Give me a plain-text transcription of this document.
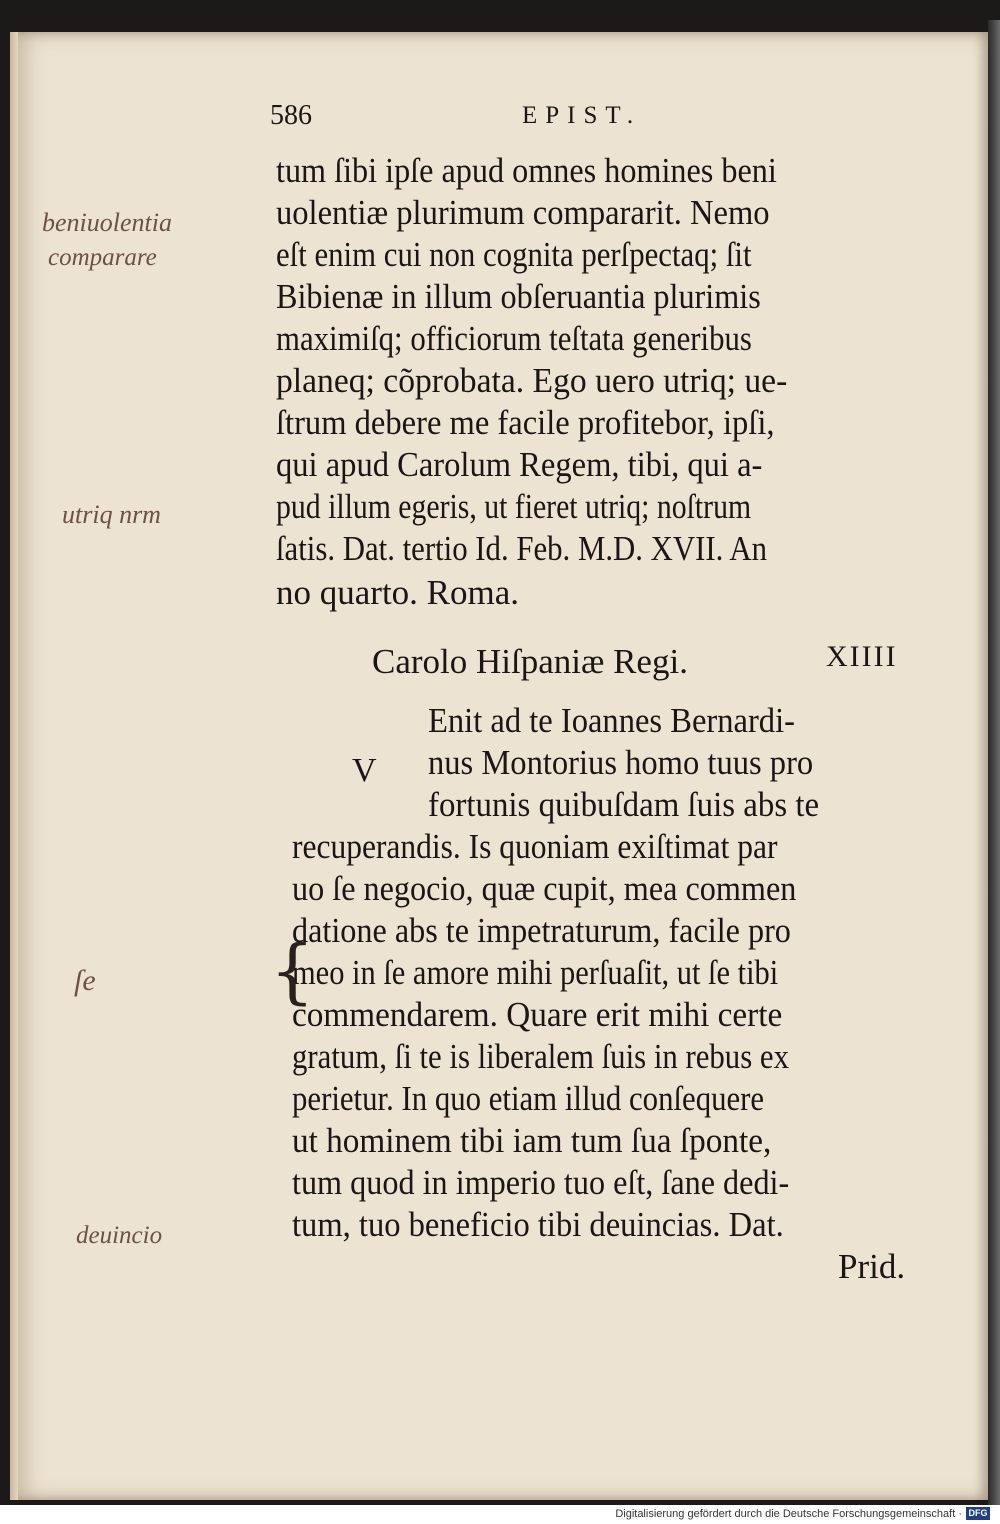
586	EPIST.
tum ſibi ipſe apud omnes homines beni
uolentiæ plurimum compararit. Nemo
eſt enim cui non cognita perſpectaq; ſit
Bibienæ in illum obſeruantia plurimis
maximiſq; officiorum teſtata generibus
planeq; cõprobata. Ego uero utriq; ue-
ſtrum debere me facile profitebor, ipſi,
qui apud Carolum Regem, tibi, qui a-
pud illum egeris, ut fieret utriq; noſtrum
ſatis. Dat. tertio Id. Feb. M.D. XVII. An
no quarto. Roma.
Carolo Hiſpaniæ Regi.	XIIII
V
Enit ad te Ioannes Bernardi-
nus Montorius homo tuus pro
fortunis quibuſdam ſuis abs te
recuperandis. Is quoniam exiſtimat par
uo ſe negocio, quæ cupit, mea commen
datione abs te impetraturum, facile pro
meo in ſe amore mihi perſuaſit, ut ſe tibi
commendarem. Quare erit mihi certe
gratum, ſi te is liberalem ſuis in rebus ex
perietur. In quo etiam illud conſequere
ut hominem tibi iam tum ſua ſponte,
tum quod in imperio tuo eſt, ſane dedi-
tum, tuo beneficio tibi deuincias. Dat.
Prid.
beniuolentia
comparare
utriq nrm
ſe
deuincio
{
Digitalisierung gefördert durch die Deutsche Forschungsgemeinschaft · DFG
